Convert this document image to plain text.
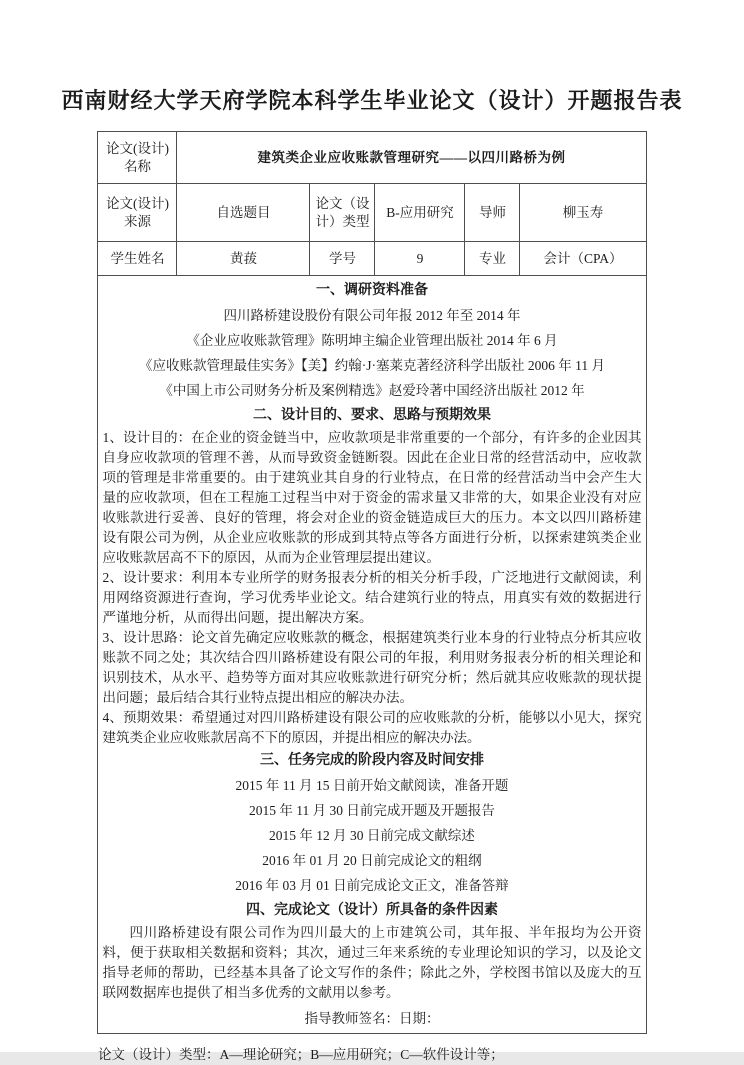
西南财经大学天府学院本科学生毕业论文（设计）开题报告表
论文(设计)名称	建筑类企业应收账款管理研究——以四川路桥为例				
论文(设计)来源	自选题目	论文（设计）类型	B-应用研究	导师	柳玉寿
学生姓名	黄菝	学号	9	专业	会计（CPA）

一、调研资料准备
四川路桥建设股份有限公司年报 2012 年至 2014 年
《企业应收账款管理》陈明坤主编企业管理出版社 2014 年 6 月
《应收账款管理最佳实务》【美】约翰·J·塞莱克著经济科学出版社 2006 年 11 月
《中国上市公司财务分析及案例精选》赵爱玲著中国经济出版社 2012 年
二、设计目的、要求、思路与预期效果

1、设计目的：在企业的资金链当中，应收款项是非常重要的一个部分，有许多的企业因其自身应收款项的管理不善，从而导致资金链断裂。因此在企业日常的经营活动中，应收款项的管理是非常重要的。由于建筑业其自身的行业特点，在日常的经营活动当中会产生大量的应收款项，但在工程施工过程当中对于资金的需求量又非常的大，如果企业没有对应收账款进行妥善、良好的管理，将会对企业的资金链造成巨大的压力。本文以四川路桥建设有限公司为例，从企业应收账款的形成到其特点等各方面进行分析，以探索建筑类企业应收账款居高不下的原因，从而为企业管理层提出建议。

2、设计要求：利用本专业所学的财务报表分析的相关分析手段，广泛地进行文献阅读，利用网络资源进行查询，学习优秀毕业论文。结合建筑行业的特点，用真实有效的数据进行严谨地分析，从而得出问题，提出解决方案。

3、设计思路：论文首先确定应收账款的概念，根据建筑类行业本身的行业特点分析其应收账款不同之处；其次结合四川路桥建设有限公司的年报，利用财务报表分析的相关理论和识别技术，从水平、趋势等方面对其应收账款进行研究分析；然后就其应收账款的现状提出问题；最后结合其行业特点提出相应的解决办法。

4、预期效果：希望通过对四川路桥建设有限公司的应收账款的分析，能够以小见大，探究建筑类企业应收账款居高不下的原因，并提出相应的解决办法。

三、任务完成的阶段内容及时间安排
2015 年 11 月 15 日前开始文献阅读，准备开题
2015 年 11 月 30 日前完成开题及开题报告
2015 年 12 月 30 日前完成文献综述
2016 年 01 月 20 日前完成论文的粗纲
2016 年 03 月 01 日前完成论文正文，准备答辩
四、完成论文（设计）所具备的条件因素

四川路桥建设有限公司作为四川最大的上市建筑公司，其年报、半年报均为公开资料，便于获取相关数据和资料；其次，通过三年来系统的专业理论知识的学习，以及论文指导老师的帮助，已经基本具备了论文写作的条件；除此之外，学校图书馆以及庞大的互联网数据库也提供了相当多优秀的文献用以参考。

指导教师签名：日期：
论文（设计）类型：A—理论研究；B—应用研究；C—软件设计等；
